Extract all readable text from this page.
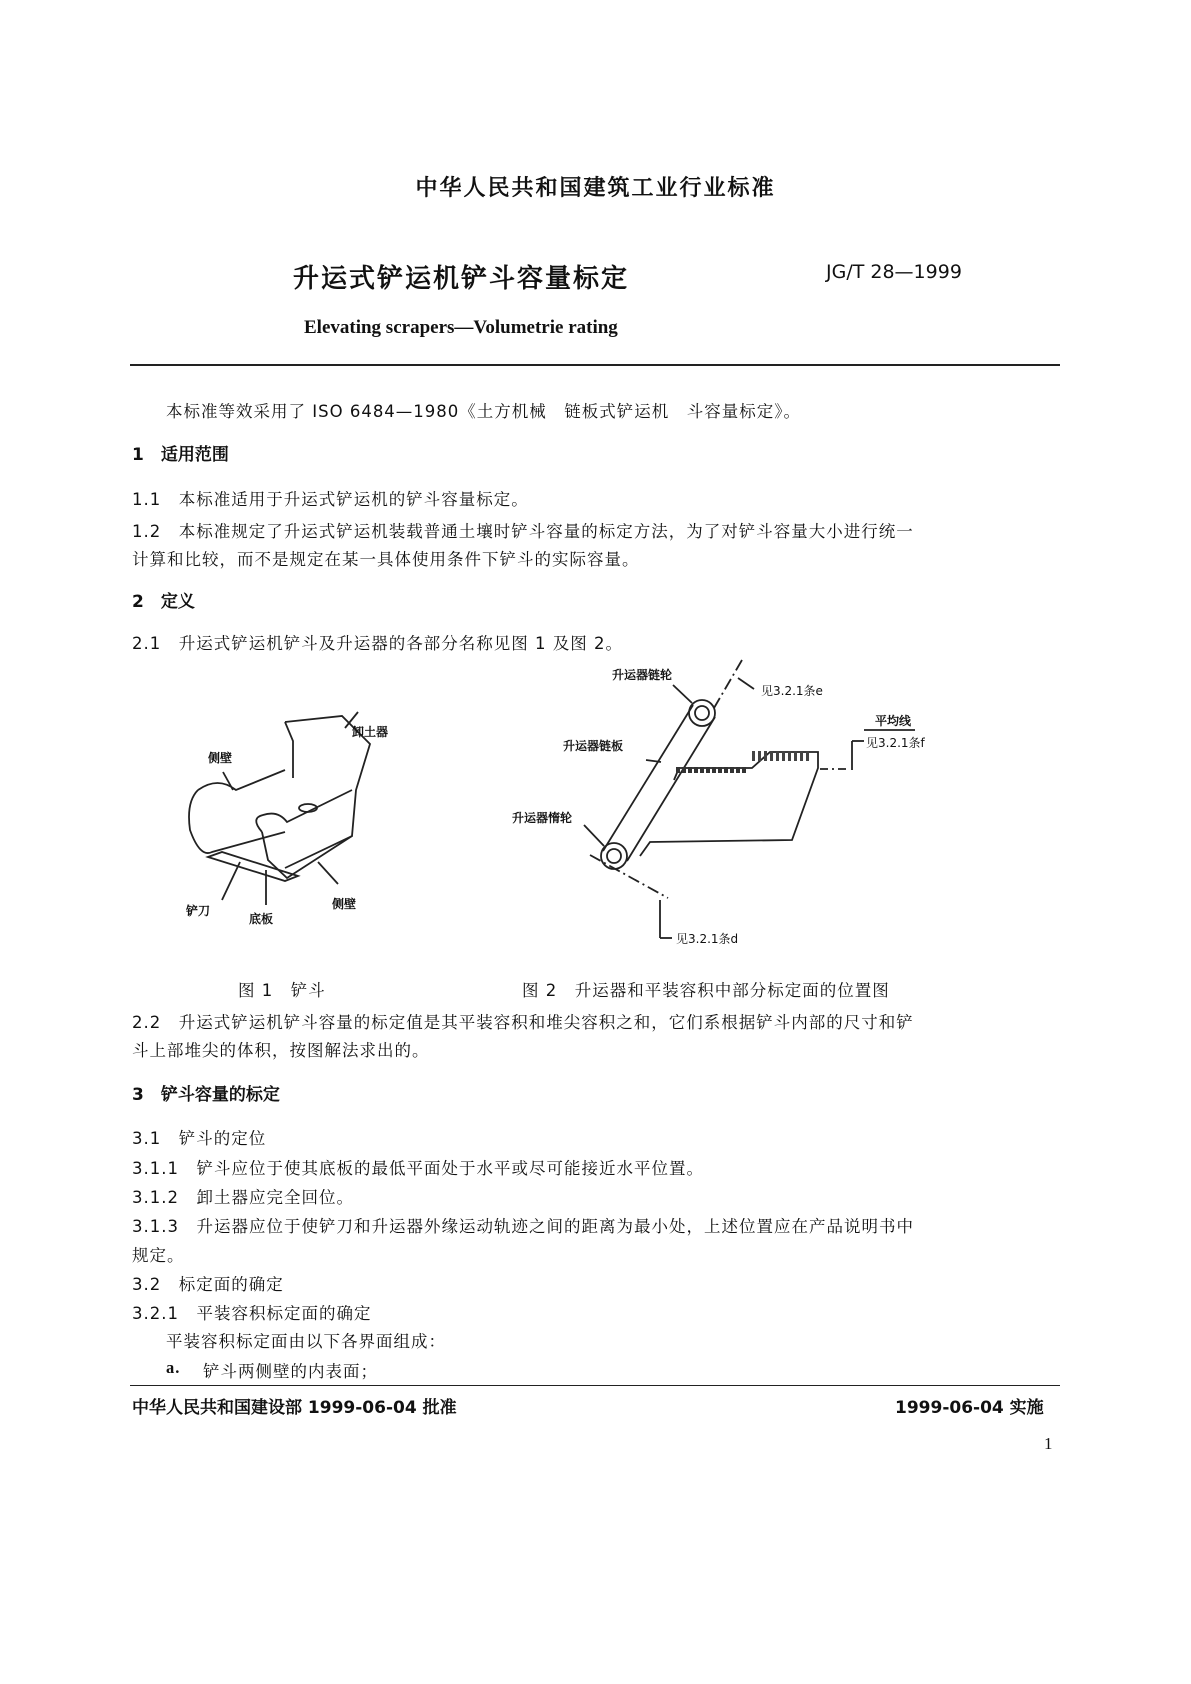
中华人民共和国建筑工业行业标准
升运式铲运机铲斗容量标定	JG/T 28—1999
Elevating scrapers—Volumetrie rating
本标准等效采用了 ISO 6484—1980《土方机械　链板式铲运机　斗容量标定》。
1　适用范围
1.1　本标准适用于升运式铲运机的铲斗容量标定。
1.2　本标准规定了升运式铲运机装载普通土壤时铲斗容量的标定方法，为了对铲斗容量大小进行统一
计算和比较，而不是规定在某一具体使用条件下铲斗的实际容量。
2　定义
2.1　升运式铲运机铲斗及升运器的各部分名称见图 1 及图 2。
卸土器
侧壁
侧壁
铲刀
底板
升运器链轮
升运器链板
升运器惰轮
平均线
见3.2.1条e
见3.2.1条f
见3.2.1条d
图 1　铲斗	图 2　升运器和平装容积中部分标定面的位置图
2.2　升运式铲运机铲斗容量的标定值是其平装容积和堆尖容积之和，它们系根据铲斗内部的尺寸和铲
斗上部堆尖的体积，按图解法求出的。
3　铲斗容量的标定
3.1　铲斗的定位
3.1.1　铲斗应位于使其底板的最低平面处于水平或尽可能接近水平位置。
3.1.2　卸土器应完全回位。
3.1.3　升运器应位于使铲刀和升运器外缘运动轨迹之间的距离为最小处，上述位置应在产品说明书中
规定。
3.2　标定面的确定
3.2.1　平装容积标定面的确定
平装容积标定面由以下各界面组成：
a. 铲斗两侧壁的内表面；
中华人民共和国建设部 1999-06-04 批准	1999-06-04 实施
1
